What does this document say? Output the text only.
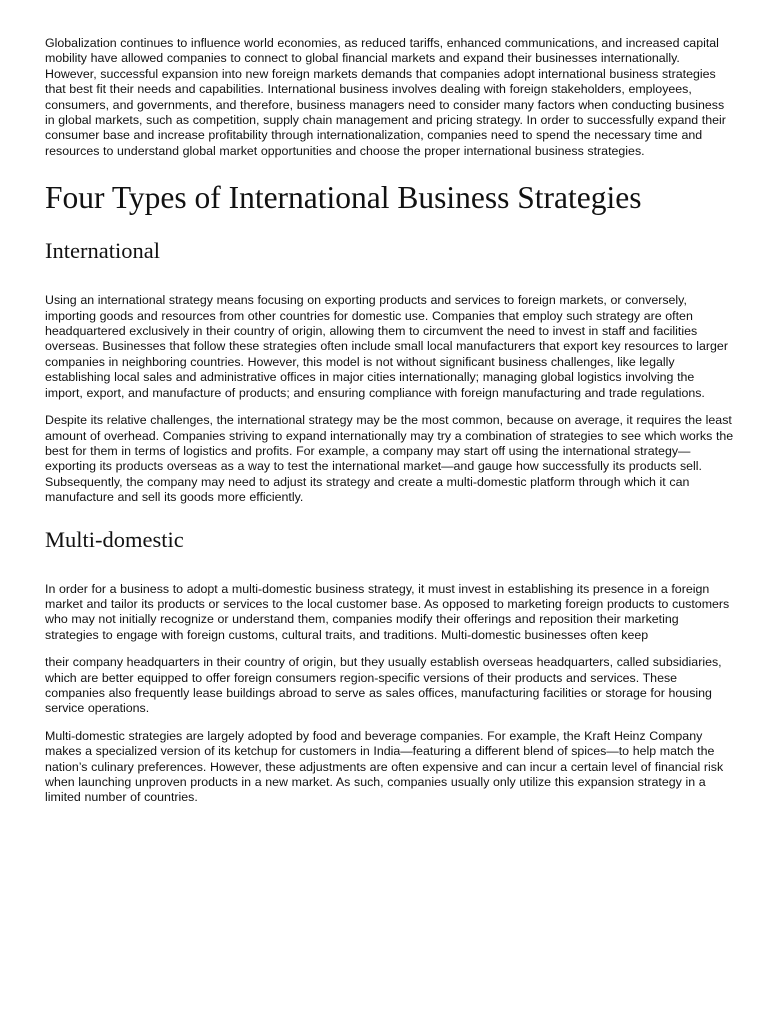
Globalization continues to influence world economies, as reduced tariffs, enhanced communications, and increased capital mobility have allowed companies to connect to global financial markets and expand their businesses internationally. However, successful expansion into new foreign markets demands that companies adopt international business strategies that best fit their needs and capabilities. International business involves dealing with foreign stakeholders, employees, consumers, and governments, and therefore, business managers need to consider many factors when conducting business in global markets, such as competition, supply chain management and pricing strategy. In order to successfully expand their consumer base and increase profitability through internationalization, companies need to spend the necessary time and resources to understand global market opportunities and choose the proper international business strategies.

Four Types of International Business Strategies
International

Using an international strategy means focusing on exporting products and services to foreign markets, or conversely, importing goods and resources from other countries for domestic use. Companies that employ such strategy are often headquartered exclusively in their country of origin, allowing them to circumvent the need to invest in staff and facilities overseas. Businesses that follow these strategies often include small local manufacturers that export key resources to larger companies in neighboring countries. However, this model is not without significant business challenges, like legally establishing local sales and administrative offices in major cities internationally; managing global logistics involving the import, export, and manufacture of products; and ensuring compliance with foreign manufacturing and trade regulations.

Despite its relative challenges, the international strategy may be the most common, because on average, it requires the least amount of overhead. Companies striving to expand internationally may try a combination of strategies to see which works the best for them in terms of logistics and profits. For example, a company may start off using the international strategy—exporting its products overseas as a way to test the international market—and gauge how successfully its products sell. Subsequently, the company may need to adjust its strategy and create a multi-domestic platform through which it can manufacture and sell its goods more efficiently.

Multi-domestic

In order for a business to adopt a multi-domestic business strategy, it must invest in establishing its presence in a foreign market and tailor its products or services to the local customer base. As opposed to marketing foreign products to customers who may not initially recognize or understand them, companies modify their offerings and reposition their marketing strategies to engage with foreign customs, cultural traits, and traditions. Multi-domestic businesses often keep

their company headquarters in their country of origin, but they usually establish overseas headquarters, called subsidiaries, which are better equipped to offer foreign consumers region-specific versions of their products and services. These companies also frequently lease buildings abroad to serve as sales offices, manufacturing facilities or storage for housing service operations.

Multi-domestic strategies are largely adopted by food and beverage companies. For example, the Kraft Heinz Company makes a specialized version of its ketchup for customers in India—featuring a different blend of spices—to help match the nation’s culinary preferences. However, these adjustments are often expensive and can incur a certain level of financial risk when launching unproven products in a new market. As such, companies usually only utilize this expansion strategy in a limited number of countries.
